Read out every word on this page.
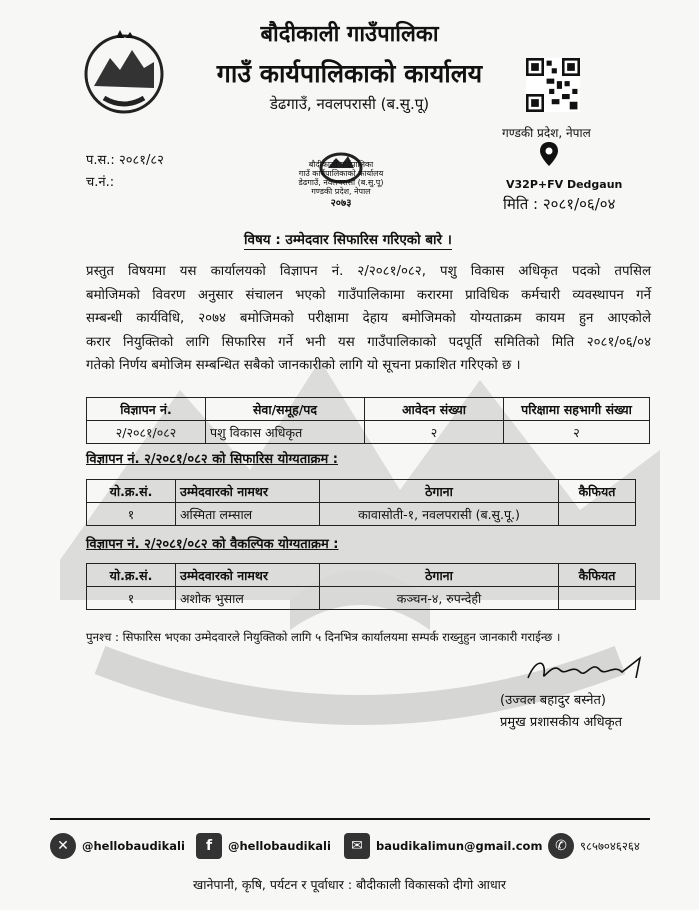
बौदीकाली गाउँपालिका
गाउँ कार्यपालिकाको कार्यालय
डेढगाउँ, नवलपरासी (ब.सु.पू)
गण्डकी प्रदेश, नेपाल
V32P+FV Dedgaun
मिति : २०८१/०६/०४
बौदीकाली गाउँपालिका
गाउँ कार्यपालिकाको कार्यालय
डेढगाउँ, नवलपरासी (ब.सु.पू)
गण्डकी प्रदेश, नेपाल
२०७३
प.स.: २०८१/८२
च.नं.:
विषय : उम्मेदवार सिफारिस गरिएको बारे ।
प्रस्तुत विषयमा यस कार्यालयको विज्ञापन नं. २/२०८१/०८२, पशु विकास अधिकृत पदको तपसिल
बमोजिमको विवरण अनुसार संचालन भएको गाउँपालिकामा करारमा प्राविधिक कर्मचारी व्यवस्थापन गर्ने
सम्बन्धी कार्यविधि, २०७४ बमोजिमको परीक्षामा देहाय बमोजिमको योग्यताक्रम कायम हुन आएकोले
करार नियुक्तिको लागि सिफारिस गर्ने भनी यस गाउँपालिकाको पदपूर्ति समितिको मिति २०८१/०६/०४
गतेको निर्णय बमोजिम सम्बन्धित सबैको जानकारीको लागि यो सूचना प्रकाशित गरिएको छ ।
विज्ञापन नं.	सेवा/समूह/पद	आवेदन संख्या	परिक्षामा सहभागी संख्या
२/२०८१/०८२	पशु विकास अधिकृत	२	२
विज्ञापन नं. २/२०८१/०८२ को सिफारिस योग्यताक्रम :
यो.क्र.सं.	उम्मेदवारको नामथर	ठेगाना	कैफियत
१	अस्मिता लम्साल	कावासोती-१, नवलपरासी (ब.सु.पू.)	
विज्ञापन नं. २/२०८१/०८२ को वैकल्पिक योग्यताक्रम :
यो.क्र.सं.	उम्मेदवारको नामथर	ठेगाना	कैफियत
१	अशोक भुसाल	कञ्चन-४, रुपन्देही	
पुनश्च : सिफारिस भएका उम्मेदवारले नियुक्तिको लागि ५ दिनभित्र कार्यालयमा सम्पर्क राख्नुहुन जानकारी गराईन्छ ।
(उज्वल बहादुर बस्नेत)
प्रमुख प्रशासकीय अधिकृत
✕	@hellobaudikali	f	@hellobaudikali	✉	baudikalimun@gmail.com ✆	९८५७०४६२६४
खानेपानी, कृषि, पर्यटन र पूर्वाधार : बौदीकाली विकासको दीगो आधार
